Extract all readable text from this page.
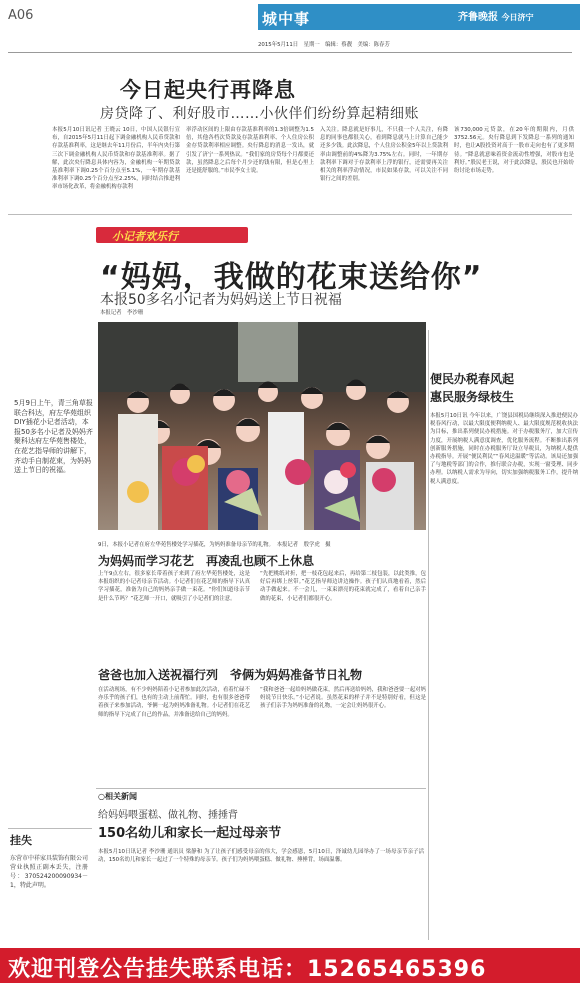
A06	城中事	齐鲁晚报 今日济宁
2015年5月11日　星期一　编辑：蔡靓　美编：陈春芳
今日起央行再降息
房贷降了、利好股市……小伙伴们纷纷算起精细账
本报5月10日讯记者 王晓云 10日，中国人民银行宣布，自2015年5月11日起下调金融机构人民币贷款和存款基准利率，这是继去年11月份后，半年内央行第三次下调金融机构人民币贷款和存款基准利率。据了解，此次央行降息具体内容为，金融机构一年期贷款基准利率下调0.25个百分点至5.1%，一年期存款基准利率下调0.25个百分点至2.25%，同时结合推进利率市场化改革，将金融机构存款利
率浮动区间的上限由存款基准利率的1.3倍调整为1.5倍，其他各档次贷款及存款基准利率、个人住房公积金存贷款利率相应调整。央行降息的消息一发出，就引发了济宁一系列热议。“我们家的房贷每个月都要还款，虽然降息之后每个月少还的钱有限，但是心里上还是挺舒服的。”市民李女士说。
入关注。降息就是好事儿，不只我一个人关注，有降息的同事也都很关心，看到降息就马上计算自己能少还多少钱。此次降息，个人住房公积金5年以上贷款利率由调整前的4%降为3.75%左右。同时，一年期存款利率下调对于存款利率上浮的银行，还需要再关注相关的利率浮动情况，市民如果存款，可以关注不同银行之间的差别。
该730,000元贷款，在20年的期限内，月供3752.56元。央行降息到下发降息一系列的通知时，也让A股投资对高于一股市走向也有了更多期待。“降息就意味着资金流动性增强，对股市也是利好。”股民老王说，对于此次降息，股民也开始纷纷讨论市场走势。
小记者欢乐行
“妈妈，我做的花束送给你”
本报50多名小记者为妈妈送上节日祝福
本报记者　李沙珊
5月9日上午，青三角草报联合科达，府左华苑组织DIY插花小记者活动，本报50多名小记者及妈妈齐聚科达府左华苑售楼处，在花艺指导师的讲解下，齐动手自制花束，为妈妈送上节日的祝福。
9日，本报小记者在府左华苑售楼处学习插花，为妈妈准备母亲节的礼物。　本报记者　殷学虎　摄
为妈妈而学习花艺　再凌乱也顾不上休息
上午9点左右，很多家长带着孩子来到了府左华苑售楼处，这是本报组织的小记者母亲节活动。小记者们在花艺师的指导下认真学习插花，准备为自己的妈妈亲手做一束花。“你们知道母亲节是什么节吗？”花艺师一开口，就吸引了小记者们的注意。
“先把桃纸对折，把一枝花包起来后，再给第二枝包装，以此类推，包好后再绑上丝带。”花艺指导师边讲边操作。孩子们认真地看着，然后动手做起来。不一会儿，一束束漂亮的花束就完成了，看着自己亲手做的花束，小记者们都很开心。
爸爸也加入送祝福行列　爷俩为妈妈准备节日礼物
在活动现场，有不少妈妈陪着小记者参加此次活动，看着忙碌不亦乐乎的孩子们，也有的主动上前帮忙。同时，也有很多爸爸带着孩子来参加活动，爷俩一起为妈妈准备礼物。小记者们在花艺师的指导下完成了自己的作品，并准备送给自己的妈妈。
“我和爸爸一起给妈妈做花束，然后再送给妈妈，我和爸爸要一起对妈妈说节日快乐。”小记者说。虽然花束的样子并不是特别好看，但这是孩子们亲手为妈妈准备的礼物，一定会让妈妈很开心。
便民办税春风起
惠民服务绿枝生
本报5月10日讯 今年以来，广饶县国税局继续深入推进便民办税春风行动，以最大限度便利纳税人、最大限度规范税收执法为目标，推出系列便民办税措施。对于办税服务厅，加大宣传力度，开展纳税人满意度调查，优化服务流程。不断推出系列创新服务措施，同时在办税服务厅设立导税员，为纳税人提供办税指导。开展“便民利民”“春风送温暖”等活动。该局还加强了与地税等部门的合作，推行联合办税，实现一窗受理、同步办理。以纳税人需求为导向，切实加强纳税服务工作，提升纳税人满意度。
○相关新闻
给妈妈喂蛋糕、做礼物、捶捶背
150名幼儿和家长一起过母亲节
本报5月10日讯记者 李沙珊 通讯员 梁静和 为了让孩子们感受母亲的伟大，学会感恩，5月10日，泽诚幼儿园举办了一场母亲节亲子活动，150名幼儿和家长一起过了一个特殊的母亲节。孩子们为妈妈喂蛋糕、做礼物、捶捶背，场面温馨。
挂失
东营市中祥家具装饰有限公司营业执照正副本丢失，注册号：370524200090934－1，特此声明。
欢迎刊登公告挂失联系电话：15265465396
